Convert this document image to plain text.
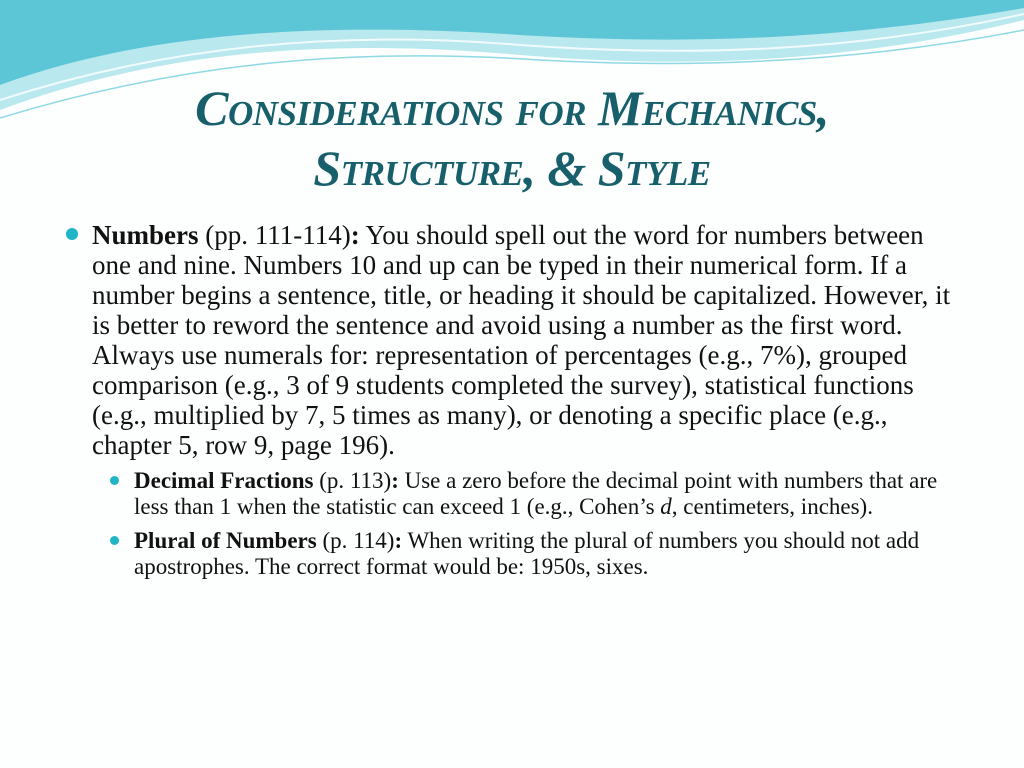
Considerations for Mechanics,
Structure, & Style
Numbers (pp. 111-114): You should spell out the word for numbers between one and nine. Numbers 10 and up can be typed in their numerical form. If a number begins a sentence, title, or heading it should be capitalized. However, it is better to reword the sentence and avoid using a number as the first word. Always use numerals for: representation of percentages (e.g., 7%), grouped comparison (e.g., 3 of 9 students completed the survey), statistical functions (e.g., multiplied by 7, 5 times as many), or denoting a specific place (e.g., chapter 5, row 9, page 196).
Decimal Fractions (p. 113): Use a zero before the decimal point with numbers that are less than 1 when the statistic can exceed 1 (e.g., Cohen’s d, centimeters, inches).
Plural of Numbers (p. 114): When writing the plural of numbers you should not add apostrophes. The correct format would be: 1950s, sixes.
